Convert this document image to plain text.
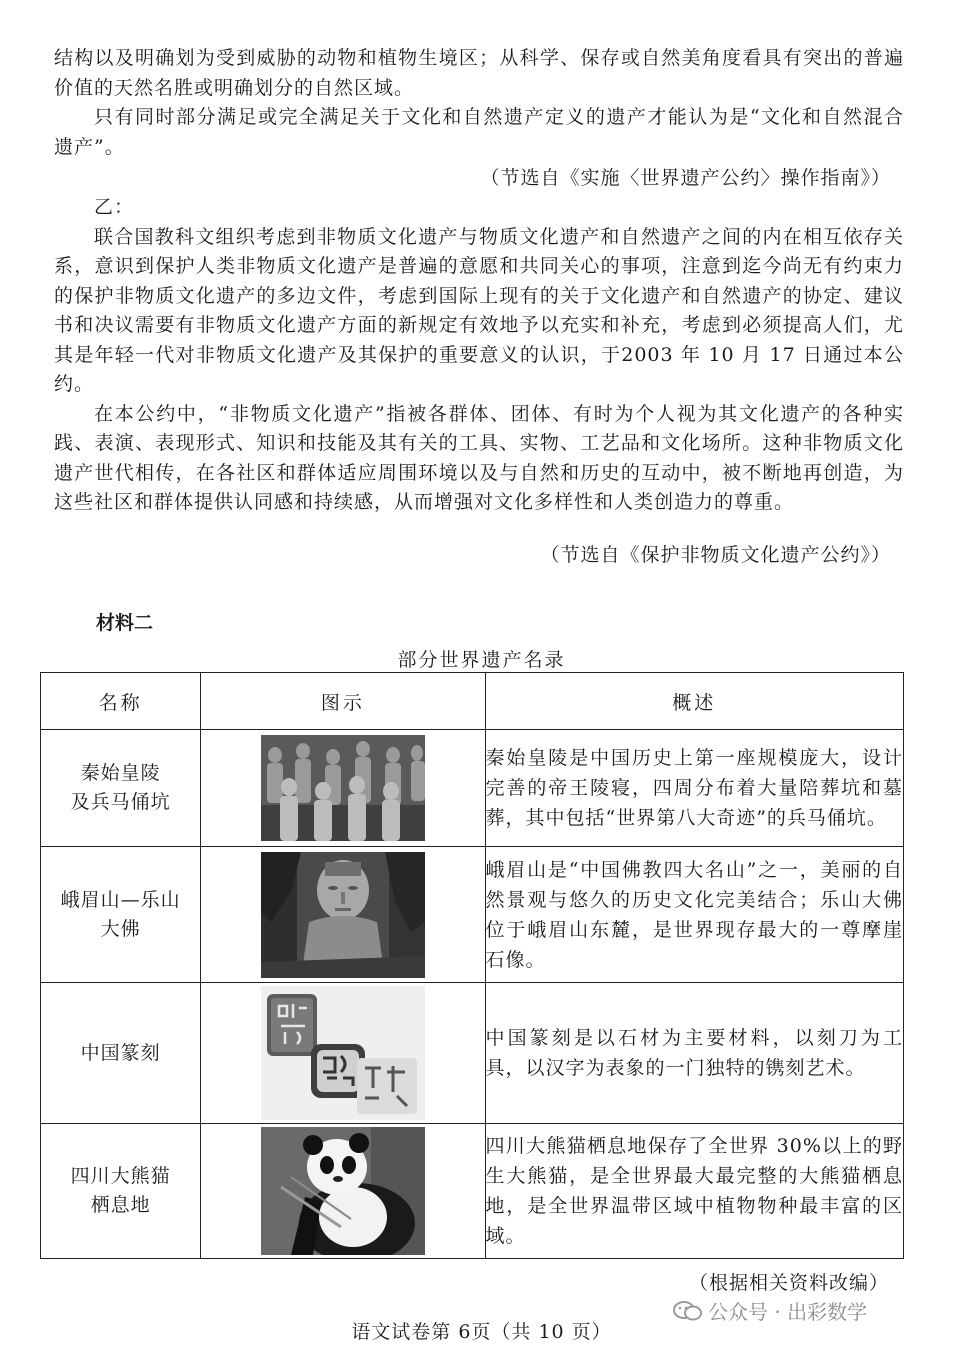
结构以及明确划为受到威胁的动物和植物生境区；从科学、保存或自然美角度看具有突出的普遍价值的天然名胜或明确划分的自然区域。

只有同时部分满足或完全满足关于文化和自然遗产定义的遗产才能认为是“文化和自然混合遗产”。

（节选自《实施〈世界遗产公约〉操作指南》）

乙：

联合国教科文组织考虑到非物质文化遗产与物质文化遗产和自然遗产之间的内在相互依存关系，意识到保护人类非物质文化遗产是普遍的意愿和共同关心的事项，注意到迄今尚无有约束力的保护非物质文化遗产的多边文件，考虑到国际上现有的关于文化遗产和自然遗产的协定、建议书和决议需要有非物质文化遗产方面的新规定有效地予以充实和补充，考虑到必须提高人们，尤其是年轻一代对非物质文化遗产及其保护的重要意义的认识，于2003 年 10 月 17 日通过本公约。

在本公约中，“非物质文化遗产”指被各群体、团体、有时为个人视为其文化遗产的各种实践、表演、表现形式、知识和技能及其有关的工具、实物、工艺品和文化场所。这种非物质文化遗产世代相传，在各社区和群体适应周围环境以及与自然和历史的互动中，被不断地再创造，为这些社区和群体提供认同感和持续感，从而增强对文化多样性和人类创造力的尊重。

（节选自《保护非物质文化遗产公约》）
材料二
部分世界遗产名录
名称	图示	概述
秦始皇陵
及兵马俑坑		秦始皇陵是中国历史上第一座规模庞大，设计完善的帝王陵寝，四周分布着大量陪葬坑和墓葬，其中包括“世界第八大奇迹”的兵马俑坑。
峨眉山—乐山
大佛		峨眉山是“中国佛教四大名山”之一，美丽的自然景观与悠久的历史文化完美结合；乐山大佛位于峨眉山东麓，是世界现存最大的一尊摩崖石像。
中国篆刻		中国篆刻是以石材为主要材料，以刻刀为工具，以汉字为表象的一门独特的镌刻艺术。
四川大熊猫
栖息地		四川大熊猫栖息地保存了全世界 30%以上的野生大熊猫，是全世界最大最完整的大熊猫栖息地，是全世界温带区域中植物物种最丰富的区域。
（根据相关资料改编）
公众号 · 出彩数学
语文试卷第 6页（共 10 页）
